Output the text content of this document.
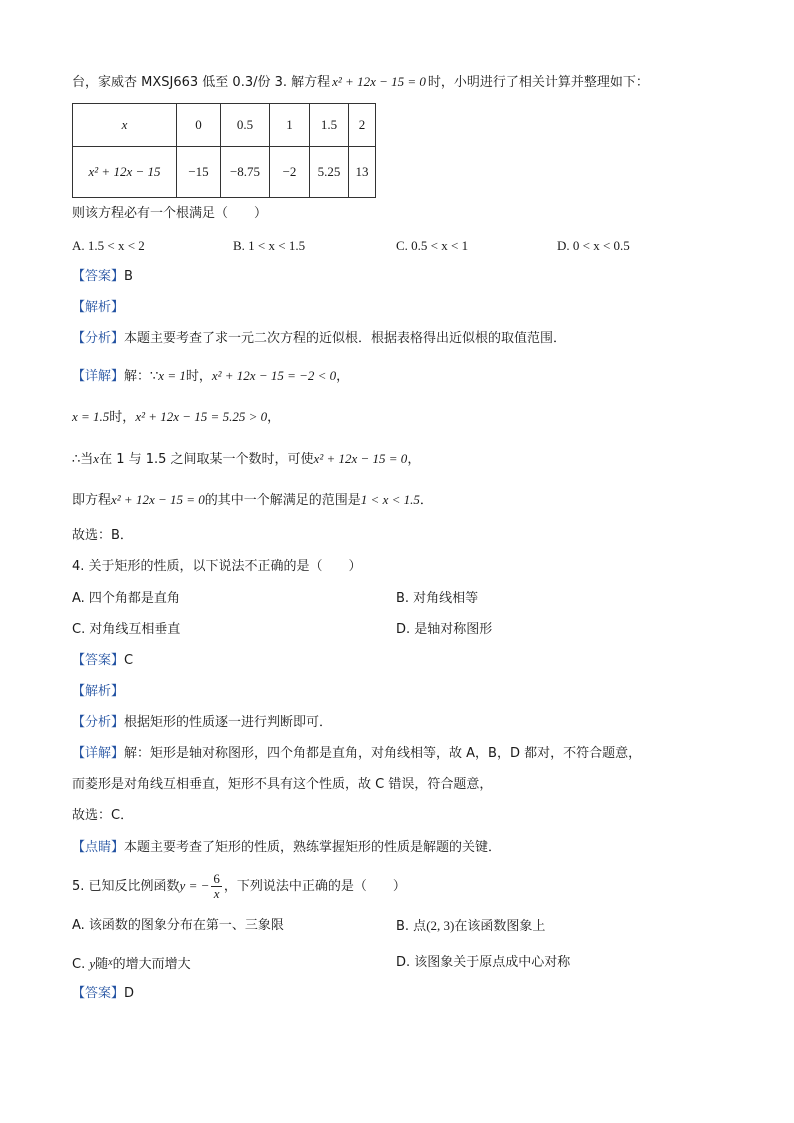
台，家威杏 MXSJ663 低至 0.3/份 3. 解方程 x² + 12x − 15 = 0 时，小明进行了相关计算并整理如下：
x	0	0.5	1	1.5	2
x² + 12x − 15	−15	−8.75	−2	5.25	13
则该方程必有一个根满足（　　）
A. 1.5 < x < 2	B. 1 < x < 1.5	C. 0.5 < x < 1	D. 0 < x < 0.5
【答案】B
【解析】
【分析】本题主要考查了求一元二次方程的近似根．根据表格得出近似根的取值范围．
【详解】解：∵x = 1时，x² + 12x − 15 = −2 < 0，
x = 1.5时，x² + 12x − 15 = 5.25 > 0，
∴当x在 1 与 1.5 之间取某一个数时，可使x² + 12x − 15 = 0，
即方程x² + 12x − 15 = 0的其中一个解满足的范围是1 < x < 1.5．
故选：B．
4. 关于矩形的性质，以下说法不正确的是（　　）
A. 四个角都是直角	B. 对角线相等
C. 对角线互相垂直	D. 是轴对称图形
【答案】C
【解析】
【分析】根据矩形的性质逐一进行判断即可．
【详解】解：矩形是轴对称图形，四个角都是直角，对角线相等，故 A，B，D 都对，不符合题意，
而菱形是对角线互相垂直，矩形不具有这个性质，故 C 错误，符合题意，
故选：C．
【点睛】本题主要考查了矩形的性质，熟练掌握矩形的性质是解题的关键．
5. 已知反比例函数y = − $\frac{6}{x}$ ，下列说法中正确的是（　　）
A. 该函数的图象分布在第一、三象限	B. 点(2, 3)在该函数图象上
C. y随$^x$的增大而增大	D. 该图象关于原点成中心对称
【答案】D
